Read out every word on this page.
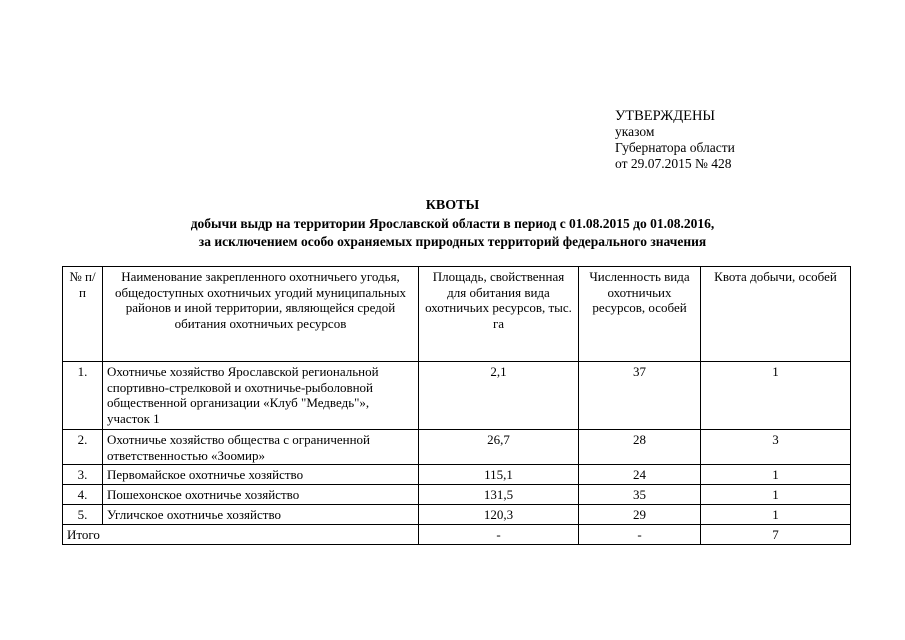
УТВЕРЖДЕНЫ
указом
Губернатора области
от 29.07.2015 № 428
КВОТЫ
добычи выдр на территории Ярославской области в период с 01.08.2015 до 01.08.2016,
за исключением особо охраняемых природных территорий федерального значения
№ п/п	Наименование закрепленного охотничьего угодья, общедоступных охотничьих угодий муниципальных районов и иной территории, являющейся средой обитания охотничьих ресурсов	Площадь, свойственная для обитания вида охотничьих ресурсов, тыс. га	Численность вида охотничьих ресурсов, особей	Квота добычи, особей
1.	Охотничье хозяйство Ярославской региональной спортивно-стрелковой и охотничье-рыболовной общественной организации «Клуб "Медведь"», участок 1	2,1	37	1
2.	Охотничье хозяйство общества с ограниченной ответственностью «Зоомир»	26,7	28	3
3.	Первомайское охотничье хозяйство	115,1	24	1
4.	Пошехонское охотничье хозяйство	131,5	35	1
5.	Угличское охотничье хозяйство	120,3	29	1
Итого		-	-	7
